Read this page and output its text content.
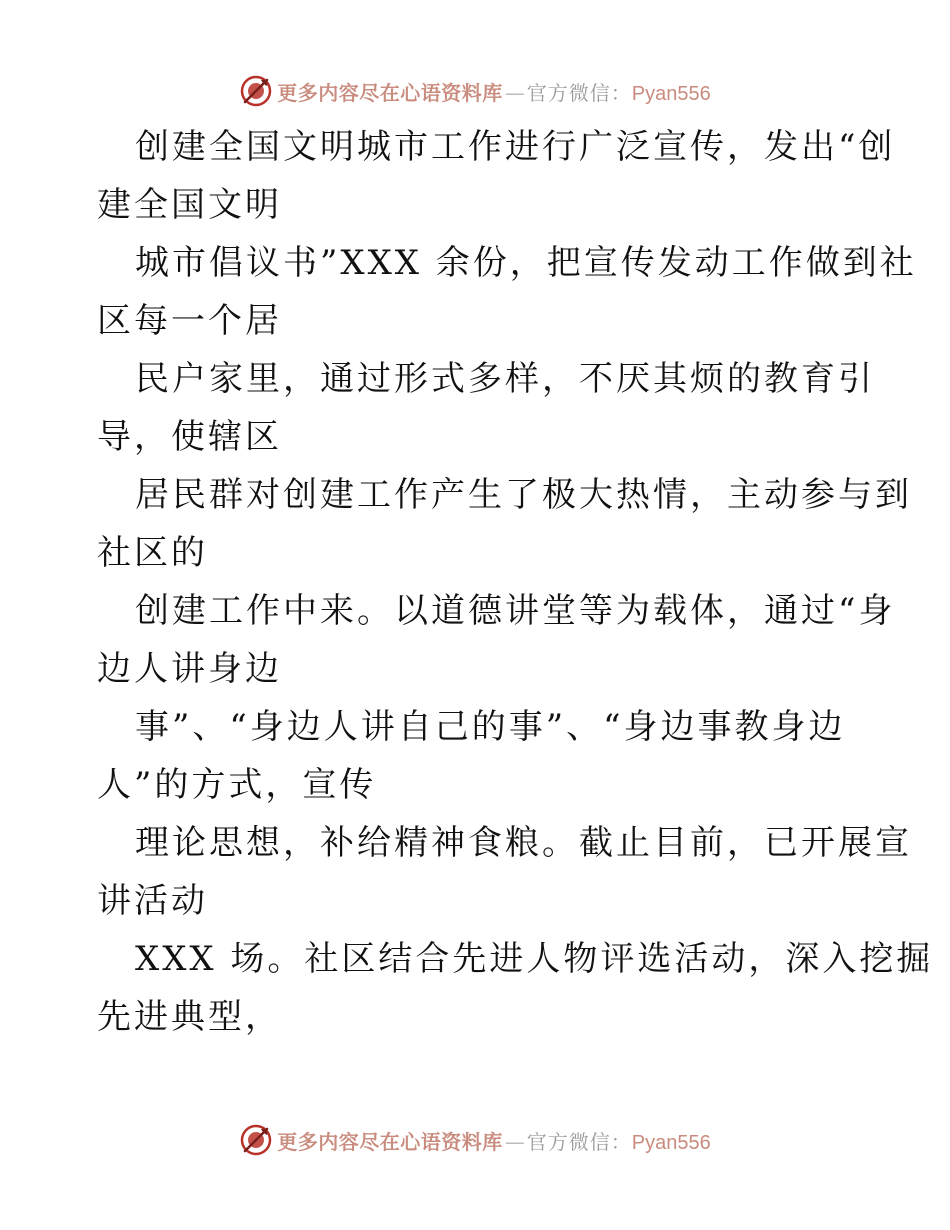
更多内容尽在心语资料库 — 官方微信： Pyan556
创建全国文明城市工作进行广泛宣传，发出“创
建全国文明
城市倡议书”XXX 余份，把宣传发动工作做到社
区每一个居
民户家里，通过形式多样，不厌其烦的教育引
导，使辖区
居民群对创建工作产生了极大热情，主动参与到
社区的
创建工作中来。以道德讲堂等为载体，通过“身
边人讲身边
事”、“身边人讲自己的事”、“身边事教身边
人”的方式，宣传
理论思想，补给精神食粮。截止目前，已开展宣
讲活动
XXX 场。社区结合先进人物评选活动，深入挖掘
先进典型，
更多内容尽在心语资料库 — 官方微信： Pyan556
